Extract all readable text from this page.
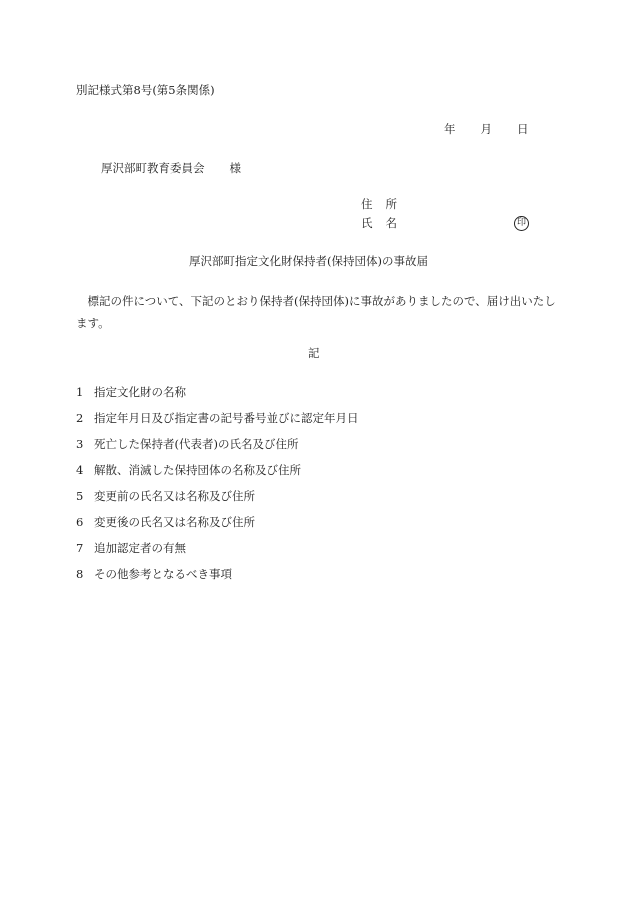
別記様式第8号(第5条関係)
年 月 日
厚沢部町教育委員会 様
住 所
氏 名	印
厚沢部町指定文化財保持者(保持団体)の事故届
標記の件について、下記のとおり保持者(保持団体)に事故がありましたので、届け出いたします。
記
1 指定文化財の名称
2 指定年月日及び指定書の記号番号並びに認定年月日
3 死亡した保持者(代表者)の氏名及び住所
4 解散、消滅した保持団体の名称及び住所
5 変更前の氏名又は名称及び住所
6 変更後の氏名又は名称及び住所
7 追加認定者の有無
8 その他参考となるべき事項
